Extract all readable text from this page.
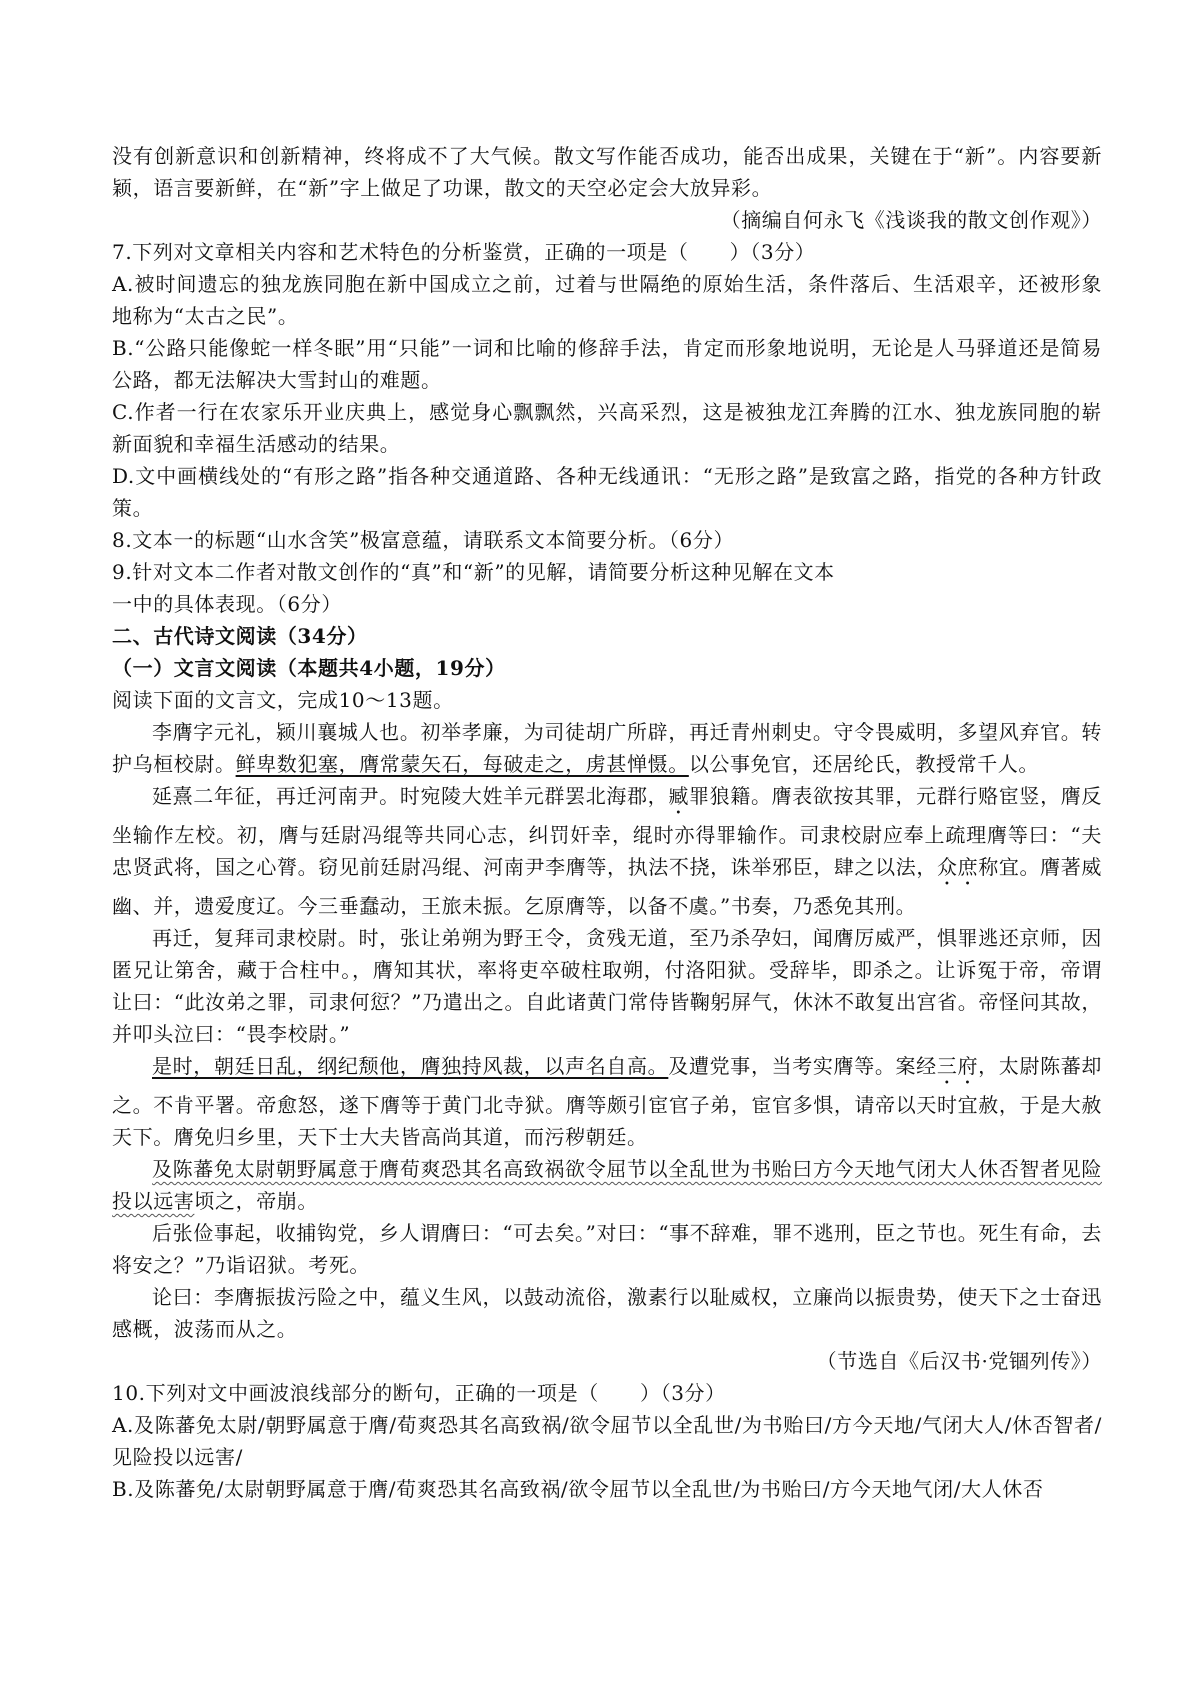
没有创新意识和创新精神，终将成不了大气候。散文写作能否成功，能否出成果，关键在于“新”。内容要新颖，语言要新鲜，在“新”字上做足了功课，散文的天空必定会大放异彩。

（摘编自何永飞《浅谈我的散文创作观》）

7.下列对文章相关内容和艺术特色的分析鉴赏，正确的一项是（　　）（3分）

A.被时间遗忘的独龙族同胞在新中国成立之前，过着与世隔绝的原始生活，条件落后、生活艰辛，还被形象地称为“太古之民”。

B.“公路只能像蛇一样冬眠”用“只能”一词和比喻的修辞手法，肯定而形象地说明，无论是人马驿道还是简易公路，都无法解决大雪封山的难题。

C.作者一行在农家乐开业庆典上，感觉身心飘飘然，兴高采烈，这是被独龙江奔腾的江水、独龙族同胞的崭新面貌和幸福生活感动的结果。

D.文中画横线处的“有形之路”指各种交通道路、各种无线通讯：“无形之路”是致富之路，指党的各种方针政策。

8.文本一的标题“山水含笑”极富意蕴，请联系文本简要分析。（6分）

9.针对文本二作者对散文创作的“真”和“新”的见解，请简要分析这种见解在文本

一中的具体表现。（6分）

二、古代诗文阅读（34分）

（一）文言文阅读（本题共4小题，19分）

阅读下面的文言文，完成10～13题。

李膺字元礼，颍川襄城人也。初举孝廉，为司徒胡广所辟，再迁青州刺史。守令畏威明，多望风弃官。转护乌桓校尉。鲜卑数犯塞，膺常蒙矢石，每破走之，虏甚惮慑。以公事免官，还居纶氏，教授常千人。

延熹二年征，再迁河南尹。时宛陵大姓羊元群罢北海郡，臧罪狼籍。膺表欲按其罪，元群行赂宦竖，膺反坐输作左校。初，膺与廷尉冯绲等共同心志，纠罚奸幸，绲时亦得罪输作。司隶校尉应奉上疏理膺等曰：“夫忠贤武将，国之心膂。窃见前廷尉冯绲、河南尹李膺等，执法不挠，诛举邪臣，肆之以法，众庶称宜。膺著威幽、并，遗爱度辽。今三垂蠢动，王旅未振。乞原膺等，以备不虞。”书奏，乃悉免其刑。

再迁，复拜司隶校尉。时，张让弟朔为野王令，贪残无道，至乃杀孕妇，闻膺厉威严，惧罪逃还京师，因匿兄让第舍，藏于合柱中。，膺知其状，率将吏卒破柱取朔，付洛阳狱。受辞毕，即杀之。让诉冤于帝，帝谓让曰：“此汝弟之罪，司隶何愆？”乃遣出之。自此诸黄门常侍皆鞠躬屏气，休沐不敢复出宫省。帝怪问其故，并叩头泣曰：“畏李校尉。”

是时，朝廷日乱，纲纪颓他，膺独持风裁，以声名自高。及遭党事，当考实膺等。案经三府，太尉陈蕃却之。不肯平署。帝愈怒，遂下膺等于黄门北寺狱。膺等颇引宦官子弟，宦官多惧，请帝以天时宜赦，于是大赦天下。膺免归乡里，天下士大夫皆高尚其道，而污秽朝廷。

及陈蕃免太尉朝野属意于膺荀爽恐其名高致祸欲令屈节以全乱世为书贻曰方今天地气闭大人休否智者见险投以远害顷之，帝崩。

后张俭事起，收捕钩党，乡人谓膺曰：“可去矣。”对曰：“事不辞难，罪不逃刑，臣之节也。死生有命，去将安之？”乃诣诏狱。考死。

论曰：李膺振拔污险之中，蕴义生风，以鼓动流俗，激素行以耻威权，立廉尚以振贵势，使天下之士奋迅感概，波荡而从之。

（节选自《后汉书·党锢列传》）

10.下列对文中画波浪线部分的断句，正确的一项是（　　）（3分）

A.及陈蕃免太尉/朝野属意于膺/荀爽恐其名高致祸/欲令屈节以全乱世/为书贻曰/方今天地/气闭大人/休否智者/见险投以远害/

B.及陈蕃免/太尉朝野属意于膺/荀爽恐其名高致祸/欲令屈节以全乱世/为书贻曰/方今天地气闭/大人休否
